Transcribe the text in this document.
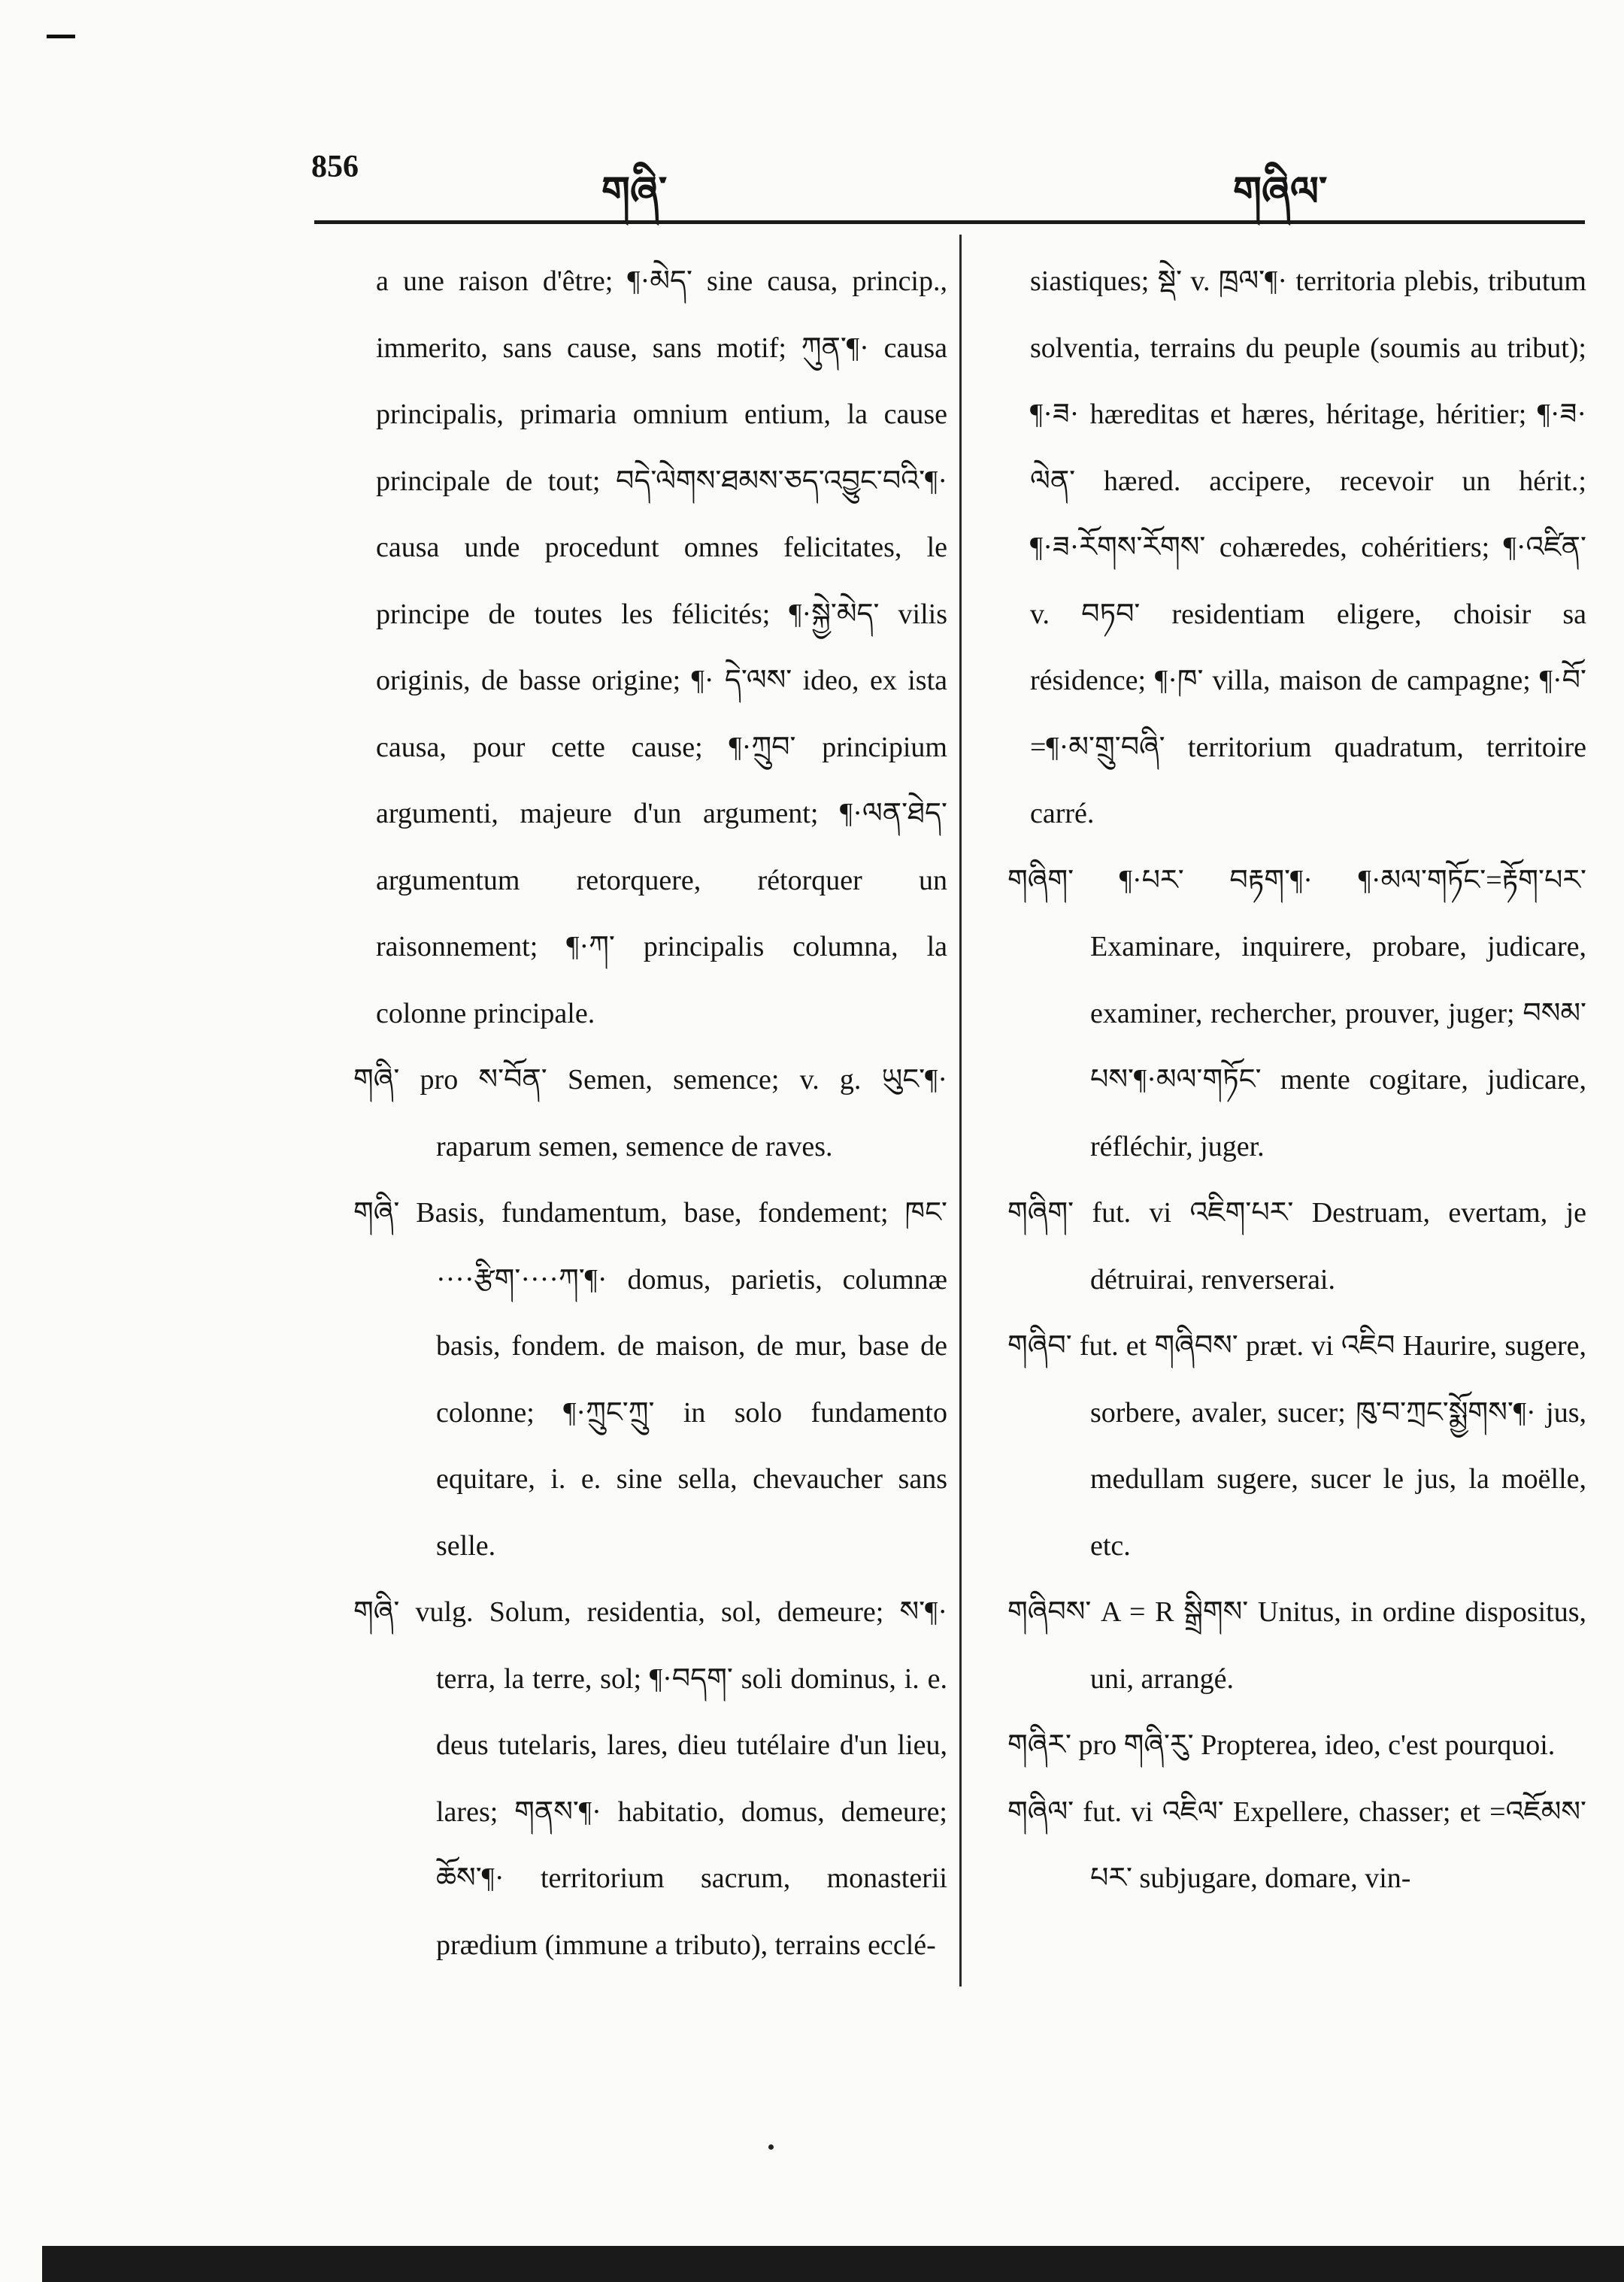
856
གཞི་	གཞིལ་

a une raison d'être; ¶·མེད་ sine causa, princip., immerito, sans cause, sans motif; ཀུན་¶· causa principalis, primaria omnium entium, la cause principale de tout; བདེ་ལེགས་ཐམས་ཅད་འབྱུང་བའི་¶· causa unde procedunt omnes felicitates, le principe de toutes les félicités; ¶·སྐྱེ་མེད་ vilis originis, de basse origine; ¶· དེ་ལས་ ideo, ex ista causa, pour cette cause; ¶·ཀྲུབ་ principium argumenti, majeure d'un argument; ¶·ལན་ཐེད་ argumentum retorquere, rétorquer un raisonnement; ¶·ཀ་ principalis columna, la colonne principale.

གཞི་ pro ས་བོན་ Semen, semence; v. g. ཡུང་¶· raparum semen, semence de raves.

གཞི་ Basis, fundamentum, base, fondement; ཁང་····རྩིག་····ཀ་¶· domus, parietis, columnæ basis, fondem. de maison, de mur, base de colonne; ¶·ཀྲུང་ཀྲུ་ in solo fundamento equitare, i. e. sine sella, chevaucher sans selle.

གཞི་ vulg. Solum, residentia, sol, demeure; ས་¶· terra, la terre, sol; ¶·བདག་ soli dominus, i. e. deus tutelaris, lares, dieu tutélaire d'un lieu, lares; གནས་¶· habitatio, domus, demeure; ཆོས་¶· territorium sacrum, monasterii prædium (immune a tributo), terrains ecclé-

siastiques; སྡེ་ v. ཁྲལ་¶· territoria plebis, tributum solventia, terrains du peuple (soumis au tribut); ¶·ཟ· hæreditas et hæres, héritage, héritier; ¶·ཟ· ལེན་ hæred. accipere, recevoir un hérit.; ¶·ཟ·རོགས་རོགས་ cohæredes, cohéritiers; ¶·འཛིན་ v. བཏབ་ residentiam eligere, choisir sa résidence; ¶·ཁ་ villa, maison de campagne; ¶·བོ་=¶·མ་གྲུ་བཞི་ territorium quadratum, territoire carré.

གཞིག་ ¶·པར་ བརྟག་¶· ¶·མལ་གཏོང་=རྟོག་པར་ Examinare, inquirere, probare, judicare, examiner, rechercher, prouver, juger; བསམ་པས་¶·མལ་གཏོང་ mente cogitare, judicare, réfléchir, juger.

གཞིག་ fut. vi འཇིག་པར་ Destruam, evertam, je détruirai, renverserai.

གཞིབ་ fut. et གཞིབས་ præt. vi འཇིབ Haurire, sugere, sorbere, avaler, sucer; ཁུ་བ་ཀྲང་སྨྱོགས་¶· jus, medullam sugere, sucer le jus, la moëlle, etc.

གཞིབས་ A = R སྒྲིགས་ Unitus, in ordine dispositus, uni, arrangé.

གཞིར་ pro གཞི་རུ་ Propterea, ideo, c'est pourquoi.

གཞིལ་ fut. vi འཇིལ་ Expellere, chasser; et =འཇོམས་པར་ subjugare, domare, vin-
